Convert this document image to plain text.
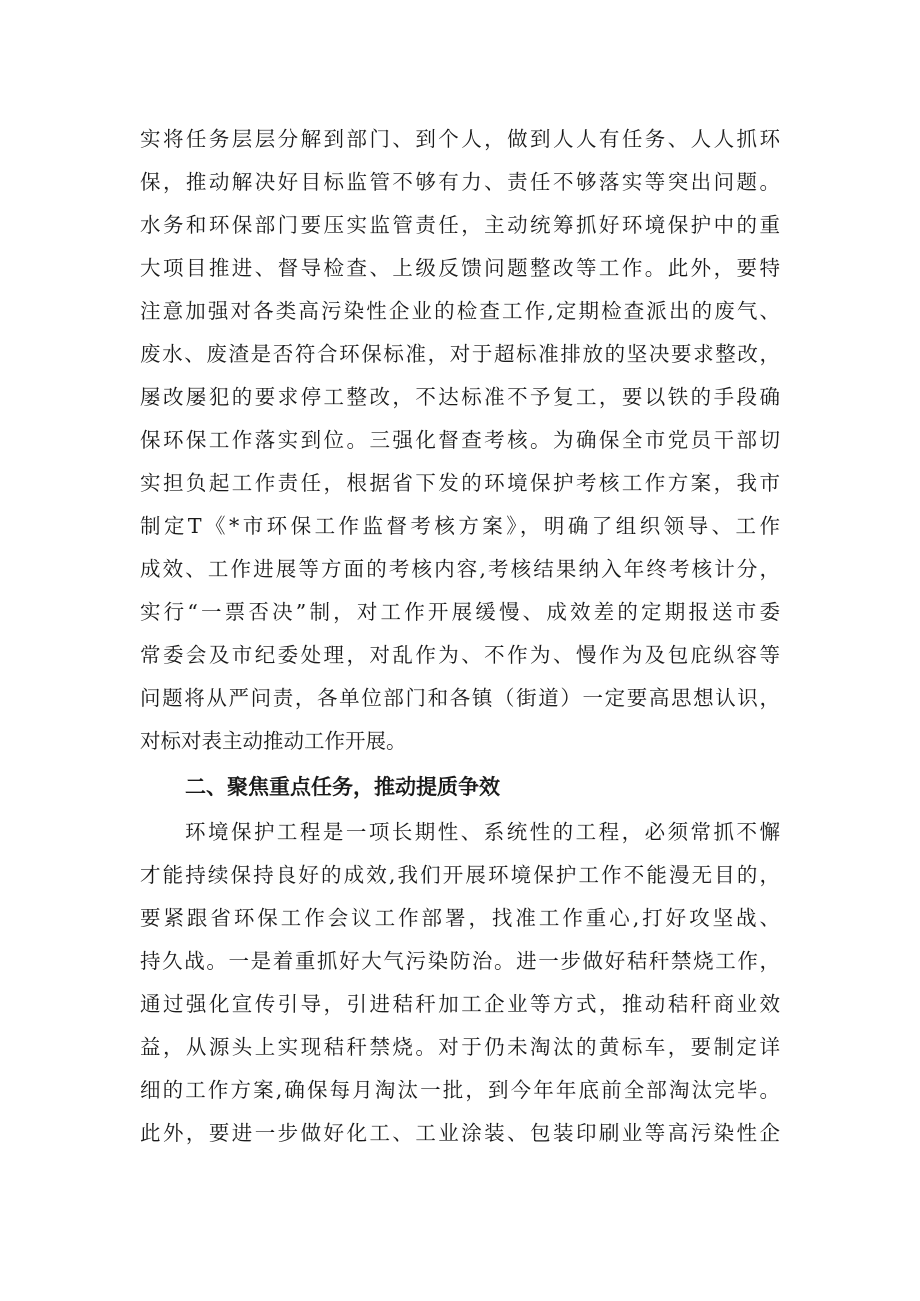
实将任务层层分解到部门、到个人，做到人人有任务、人人抓环
保，推动解决好目标监管不够有力、责任不够落实等突出问题。
水务和环保部门要压实监管责任，主动统筹抓好环境保护中的重
大项目推进、督导检查、上级反馈问题整改等工作。此外，要特
注意加强对各类高污染性企业的检查工作,定期检查派出的废气、
废水、废渣是否符合环保标准，对于超标准排放的坚决要求整改，
屡改屡犯的要求停工整改，不达标准不予复工，要以铁的手段确
保环保工作落实到位。三强化督查考核。为确保全市党员干部切
实担负起工作责任，根据省下发的环境保护考核工作方案，我市
制定T《*市环保工作监督考核方案》，明确了组织领导、工作
成效、工作进展等方面的考核内容,考核结果纳入年终考核计分，
实行“一票否决”制，对工作开展缓慢、成效差的定期报送市委
常委会及市纪委处理，对乱作为、不作为、慢作为及包庇纵容等
问题将从严问责，各单位部门和各镇（街道）一定要高思想认识，
对标对表主动推动工作开展。
二、聚焦重点任务，推动提质争效
环境保护工程是一项长期性、系统性的工程，必须常抓不懈
才能持续保持良好的成效,我们开展环境保护工作不能漫无目的，
要紧跟省环保工作会议工作部署，找准工作重心,打好攻坚战、
持久战。一是着重抓好大气污染防治。进一步做好秸秆禁烧工作，
通过强化宣传引导，引进秸秆加工企业等方式，推动秸秆商业效
益，从源头上实现秸秆禁烧。对于仍未淘汰的黄标车，要制定详
细的工作方案,确保每月淘汰一批，到今年年底前全部淘汰完毕。
此外，要进一步做好化工、工业涂装、包装印刷业等高污染性企
